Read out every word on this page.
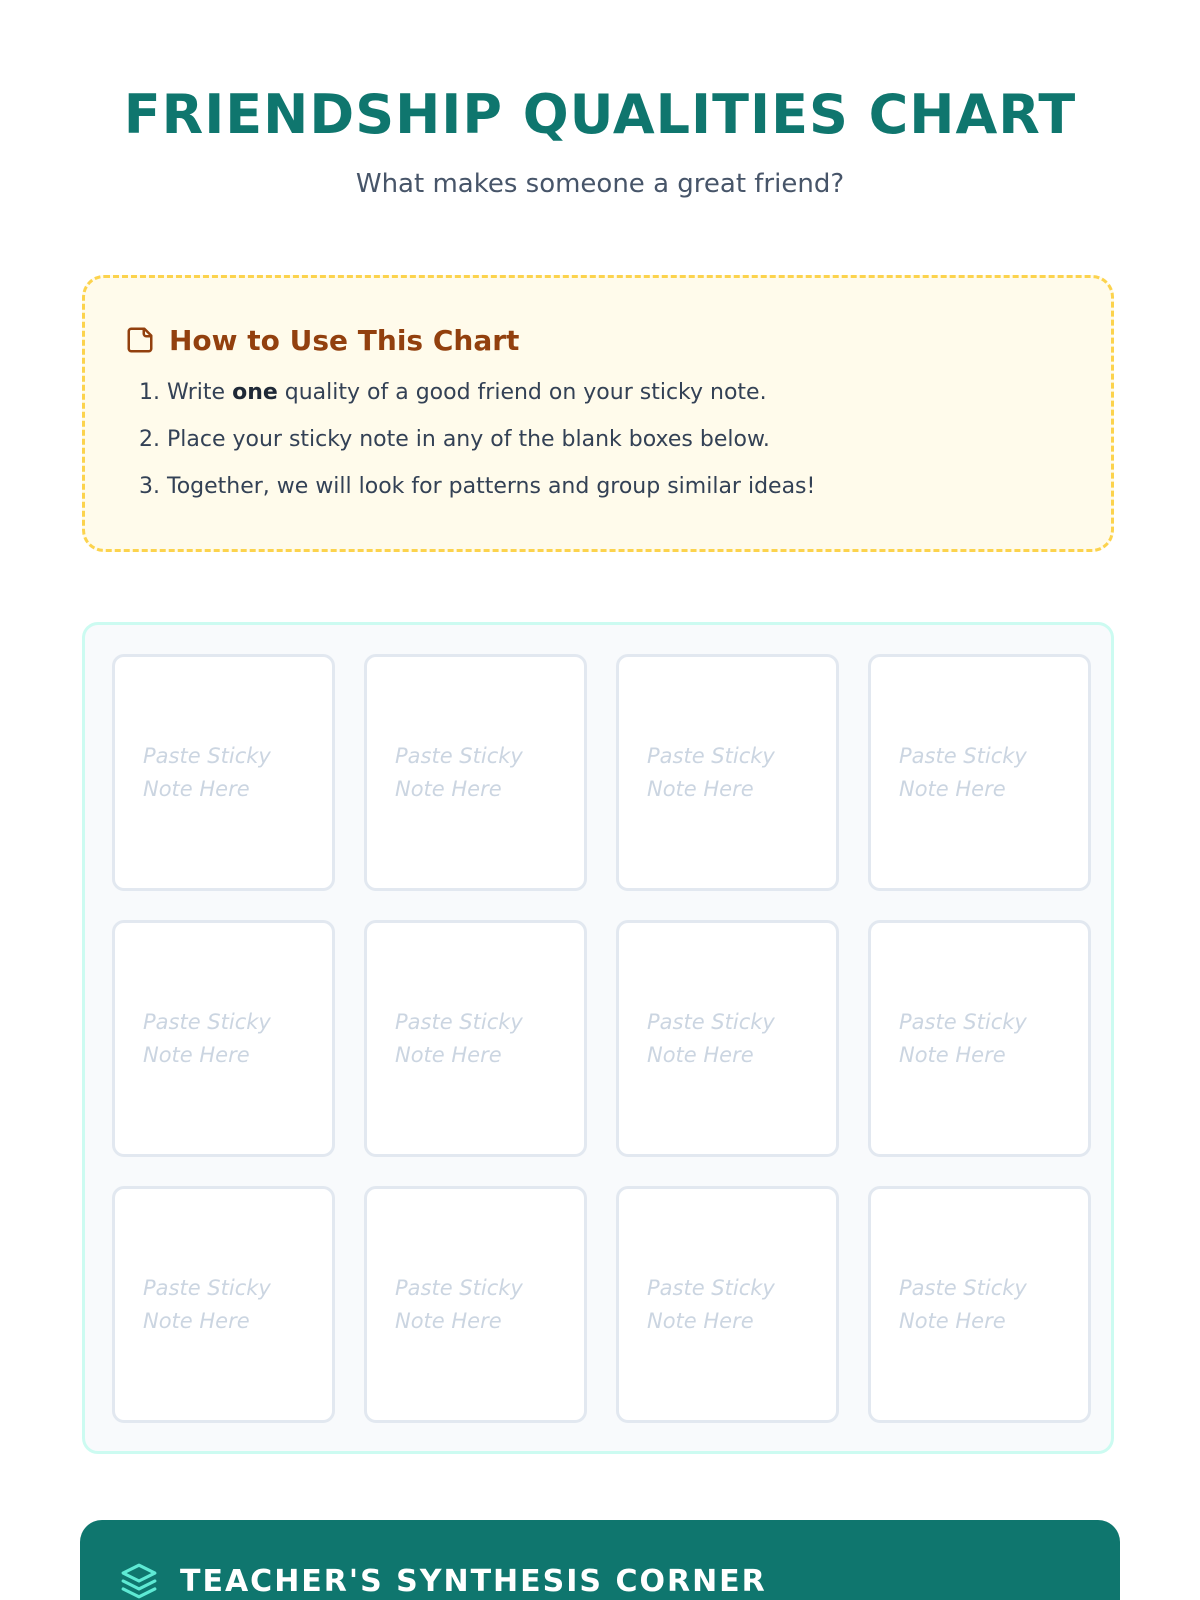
FRIENDSHIP QUALITIES CHART
What makes someone a great friend?
How to Use This Chart
1. Write one quality of a good friend on your sticky note.
2. Place your sticky note in any of the blank boxes below.
3. Together, we will look for patterns and group similar ideas!
Paste Sticky
Note Here
Paste Sticky
Note Here
Paste Sticky
Note Here
Paste Sticky
Note Here
Paste Sticky
Note Here
Paste Sticky
Note Here
Paste Sticky
Note Here
Paste Sticky
Note Here
Paste Sticky
Note Here
Paste Sticky
Note Here
Paste Sticky
Note Here
Paste Sticky
Note Here
TEACHER'S SYNTHESIS CORNER
